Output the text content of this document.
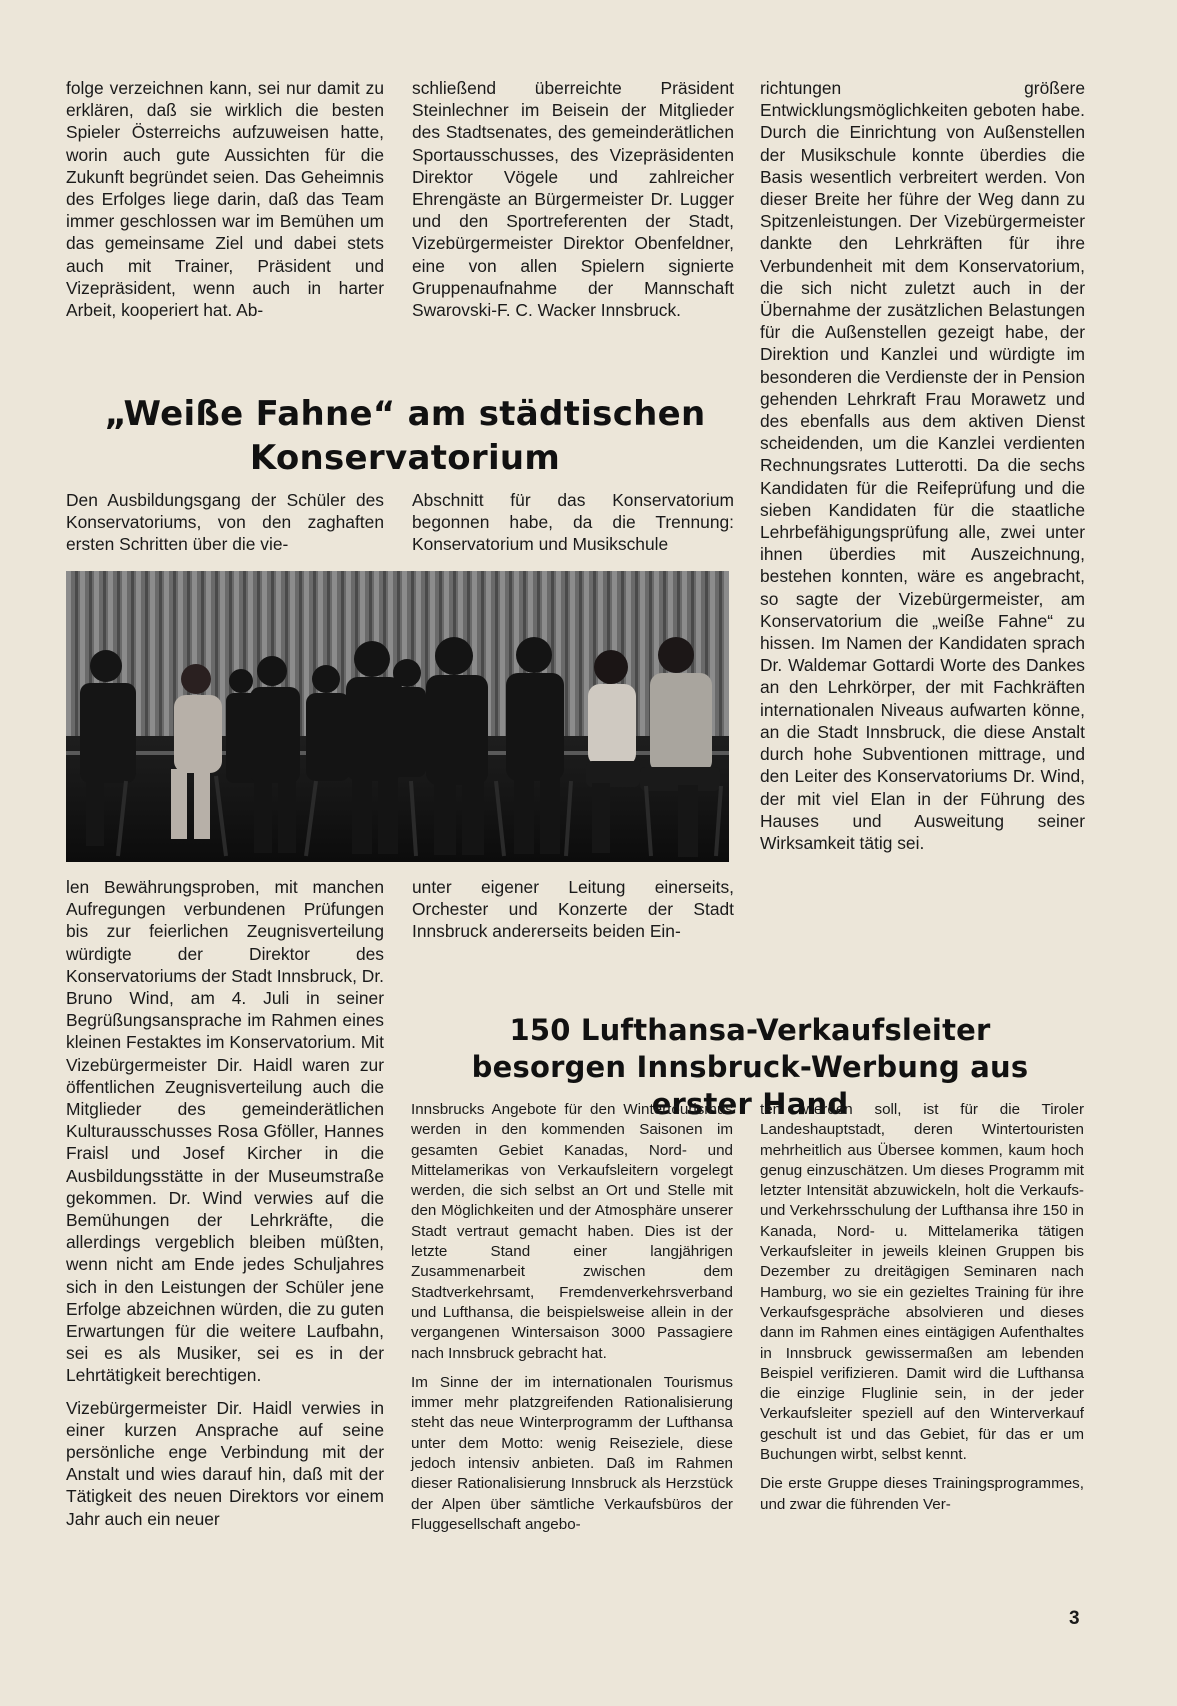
folge verzeichnen kann, sei nur damit zu erklären, daß sie wirklich die besten Spieler Österreichs aufzuweisen hatte, worin auch gute Aussichten für die Zukunft begründet seien. Das Geheimnis des Erfolges liege darin, daß das Team immer geschlossen war im Bemühen um das gemeinsame Ziel und dabei stets auch mit Trainer, Präsident und Vizepräsident, wenn auch in harter Arbeit, kooperiert hat. Ab-

schließend überreichte Präsident Steinlechner im Beisein der Mitglieder des Stadtsenates, des gemeinderätlichen Sportausschusses, des Vizepräsidenten Direktor Vögele und zahlreicher Ehrengäste an Bürgermeister Dr. Lugger und den Sportreferenten der Stadt, Vizebürgermeister Direktor Obenfeldner, eine von allen Spielern signierte Gruppenaufnahme der Mannschaft Swarovski-F. C. Wacker Innsbruck.

„Weiße Fahne“ am städtischen Konservatorium

Den Ausbildungsgang der Schüler des Konservatoriums, von den zaghaften ersten Schritten über die vie-

Abschnitt für das Konservatorium begonnen habe, da die Trennung: Konservatorium und Musikschule

len Bewährungsproben, mit manchen Aufregungen verbundenen Prüfungen bis zur feierlichen Zeugnisverteilung würdigte der Direktor des Konservatoriums der Stadt Innsbruck, Dr. Bruno Wind, am 4. Juli in seiner Begrüßungsansprache im Rahmen eines kleinen Festaktes im Konservatorium. Mit Vizebürgermeister Dir. Haidl waren zur öffentlichen Zeugnisverteilung auch die Mitglieder des gemeinderätlichen Kulturausschusses Rosa Gföller, Hannes Fraisl und Josef Kircher in die Ausbildungsstätte in der Museumstraße gekommen. Dr. Wind verwies auf die Bemühungen der Lehrkräfte, die allerdings vergeblich bleiben müßten, wenn nicht am Ende jedes Schuljahres sich in den Leistungen der Schüler jene Erfolge abzeichnen würden, die zu guten Erwartungen für die weitere Laufbahn, sei es als Musiker, sei es in der Lehrtätigkeit berechtigen.

Vizebürgermeister Dir. Haidl verwies in einer kurzen Ansprache auf seine persönliche enge Verbindung mit der Anstalt und wies darauf hin, daß mit der Tätigkeit des neuen Direktors vor einem Jahr auch ein neuer

unter eigener Leitung einerseits, Orchester und Konzerte der Stadt Innsbruck andererseits beiden Ein-

richtungen größere Entwicklungsmöglichkeiten geboten habe. Durch die Einrichtung von Außenstellen der Musikschule konnte überdies die Basis wesentlich verbreitert werden. Von dieser Breite her führe der Weg dann zu Spitzenleistungen. Der Vizebürgermeister dankte den Lehrkräften für ihre Verbundenheit mit dem Konservatorium, die sich nicht zuletzt auch in der Übernahme der zusätzlichen Belastungen für die Außenstellen gezeigt habe, der Direktion und Kanzlei und würdigte im besonderen die Verdienste der in Pension gehenden Lehrkraft Frau Morawetz und des ebenfalls aus dem aktiven Dienst scheidenden, um die Kanzlei verdienten Rechnungsrates Lutterotti. Da die sechs Kandidaten für die Reifeprüfung und die sieben Kandidaten für die staatliche Lehrbefähigungsprüfung alle, zwei unter ihnen überdies mit Auszeichnung, bestehen konnten, wäre es angebracht, so sagte der Vizebürgermeister, am Konservatorium die „weiße Fahne“ zu hissen. Im Namen der Kandidaten sprach Dr. Waldemar Gottardi Worte des Dankes an den Lehrkörper, der mit Fachkräften internationalen Niveaus aufwarten könne, an die Stadt Innsbruck, die diese Anstalt durch hohe Subventionen mittrage, und den Leiter des Konservatoriums Dr. Wind, der mit viel Elan in der Führung des Hauses und Ausweitung seiner Wirksamkeit tätig sei.

150 Lufthansa-Verkaufsleiter besorgen Innsbruck-Werbung aus erster Hand

Innsbrucks Angebote für den Wintertourismus werden in den kommenden Saisonen im gesamten Gebiet Kanadas, Nord- und Mittelamerikas von Verkaufsleitern vorgelegt werden, die sich selbst an Ort und Stelle mit den Möglichkeiten und der Atmosphäre unserer Stadt vertraut gemacht haben. Dies ist der letzte Stand einer langjährigen Zusammenarbeit zwischen dem Stadtverkehrsamt, Fremdenverkehrsverband und Lufthansa, die beispielsweise allein in der vergangenen Wintersaison 3000 Passagiere nach Innsbruck gebracht hat.

Im Sinne der im internationalen Tourismus immer mehr platzgreifenden Rationalisierung steht das neue Winterprogramm der Lufthansa unter dem Motto: wenig Reiseziele, diese jedoch intensiv anbieten. Daß im Rahmen dieser Rationalisierung Innsbruck als Herzstück der Alpen über sämtliche Verkaufsbüros der Fluggesellschaft angebo-

ten werden soll, ist für die Tiroler Landeshauptstadt, deren Wintertouristen mehrheitlich aus Übersee kommen, kaum hoch genug einzuschätzen. Um dieses Programm mit letzter Intensität abzuwickeln, holt die Verkaufs- und Verkehrsschulung der Lufthansa ihre 150 in Kanada, Nord- u. Mittelamerika tätigen Verkaufsleiter in jeweils kleinen Gruppen bis Dezember zu dreitägigen Seminaren nach Hamburg, wo sie ein gezieltes Training für ihre Verkaufsgespräche absolvieren und dieses dann im Rahmen eines eintägigen Aufenthaltes in Innsbruck gewissermaßen am lebenden Beispiel verifizieren. Damit wird die Lufthansa die einzige Fluglinie sein, in der jeder Verkaufsleiter speziell auf den Winterverkauf geschult ist und das Gebiet, für das er um Buchungen wirbt, selbst kennt.

Die erste Gruppe dieses Trainingsprogrammes, und zwar die führenden Ver-

3
